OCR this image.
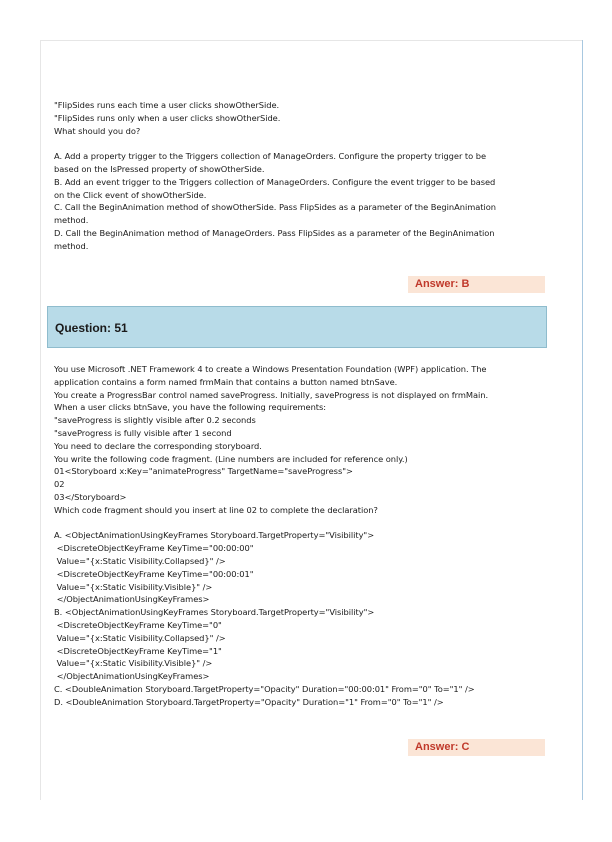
"FlipSides runs each time a user clicks showOtherSide.
"FlipSides runs only when a user clicks showOtherSide.
What should you do?
A. Add a property trigger to the Triggers collection of ManageOrders. Configure the property trigger to be
based on the IsPressed property of showOtherSide.
B. Add an event trigger to the Triggers collection of ManageOrders. Configure the event trigger to be based
on the Click event of showOtherSide.
C. Call the BeginAnimation method of showOtherSide. Pass FlipSides as a parameter of the BeginAnimation
method.
D. Call the BeginAnimation method of ManageOrders. Pass FlipSides as a parameter of the BeginAnimation
method.
Answer: B
Question: 51
You use Microsoft .NET Framework 4 to create a Windows Presentation Foundation (WPF) application. The
application contains a form named frmMain that contains a button named btnSave.
You create a ProgressBar control named saveProgress. Initially, saveProgress is not displayed on frmMain.
When a user clicks btnSave, you have the following requirements:
"saveProgress is slightly visible after 0.2 seconds
"saveProgress is fully visible after 1 second
You need to declare the corresponding storyboard.
You write the following code fragment. (Line numbers are included for reference only.)
01<Storyboard x:Key="animateProgress" TargetName="saveProgress">
02
03</Storyboard>
Which code fragment should you insert at line 02 to complete the declaration?
A. <ObjectAnimationUsingKeyFrames Storyboard.TargetProperty="Visibility">
<DiscreteObjectKeyFrame KeyTime="00:00:00"
Value="{x:Static Visibility.Collapsed}" />
<DiscreteObjectKeyFrame KeyTime="00:00:01"
Value="{x:Static Visibility.Visible}" />
</ObjectAnimationUsingKeyFrames>
B. <ObjectAnimationUsingKeyFrames Storyboard.TargetProperty="Visibility">
<DiscreteObjectKeyFrame KeyTime="0"
Value="{x:Static Visibility.Collapsed}" />
<DiscreteObjectKeyFrame KeyTime="1"
Value="{x:Static Visibility.Visible}" />
</ObjectAnimationUsingKeyFrames>
C. <DoubleAnimation Storyboard.TargetProperty="Opacity" Duration="00:00:01" From="0" To="1" />
D. <DoubleAnimation Storyboard.TargetProperty="Opacity" Duration="1" From="0" To="1" />
Answer: C
